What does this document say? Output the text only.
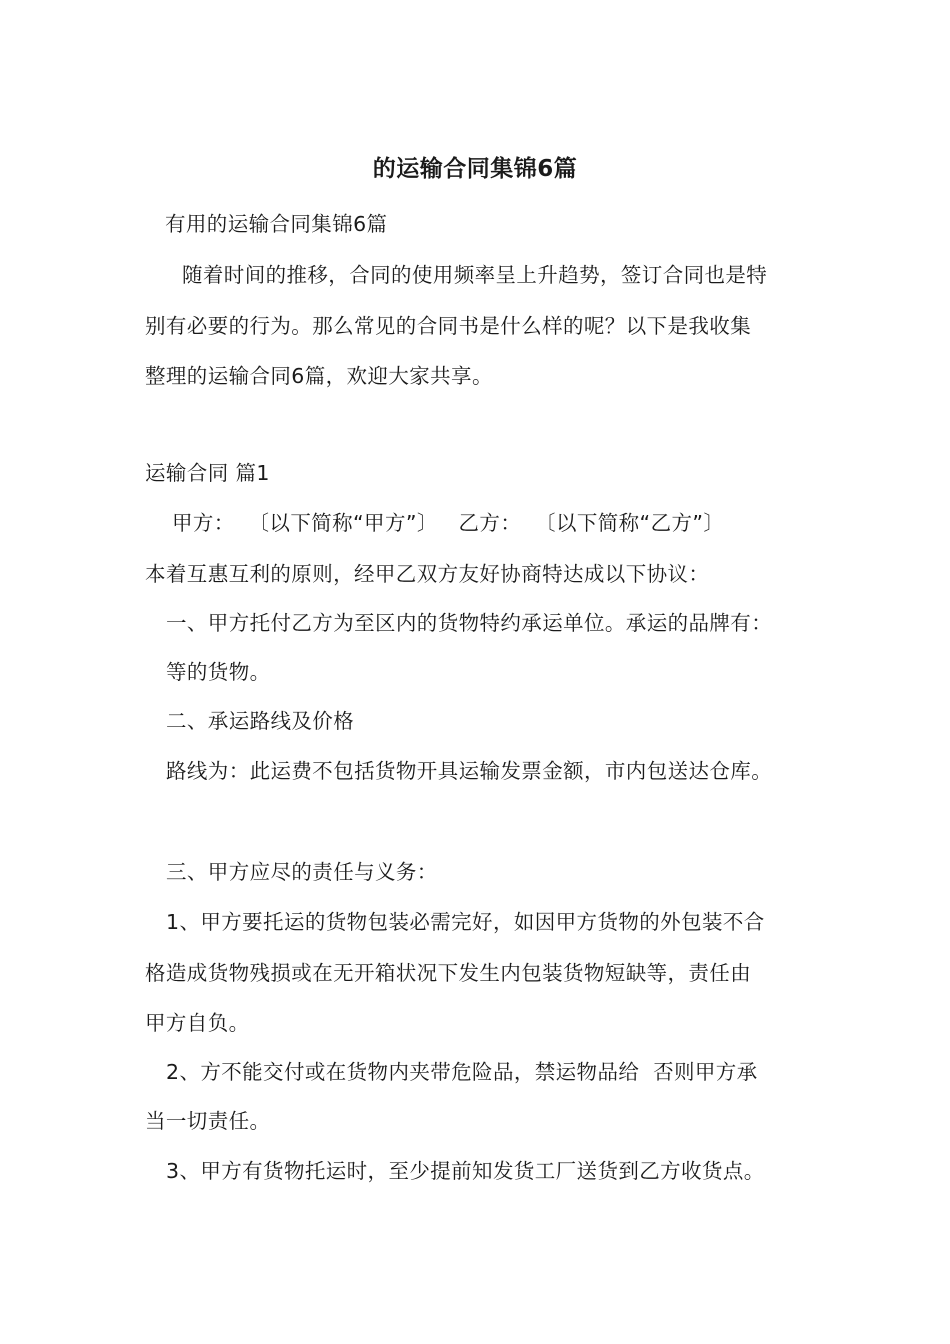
的运输合同集锦6篇
有用的运输合同集锦6篇
随着时间的推移，合同的使用频率呈上升趋势，签订合同也是特
别有必要的行为。那么常见的合同书是什么样的呢？以下是我收集
整理的运输合同6篇，欢迎大家共享。
运输合同 篇1
甲方：  〔以下简称“甲方”〕   乙方：  〔以下简称“乙方”〕
本着互惠互利的原则，经甲乙双方友好协商特达成以下协议：
一、甲方托付乙方为至区内的货物特约承运单位。承运的品牌有：
等的货物。
二、承运路线及价格
路线为：此运费不包括货物开具运输发票金额，市内包送达仓库。
三、甲方应尽的责任与义务：
1、甲方要托运的货物包装必需完好，如因甲方货物的外包装不合
格造成货物残损或在无开箱状况下发生内包装货物短缺等，责任由
甲方自负。
2、方不能交付或在货物内夹带危险品，禁运物品给  否则甲方承
当一切责任。
3、甲方有货物托运时，至少提前知发货工厂送货到乙方收货点。
